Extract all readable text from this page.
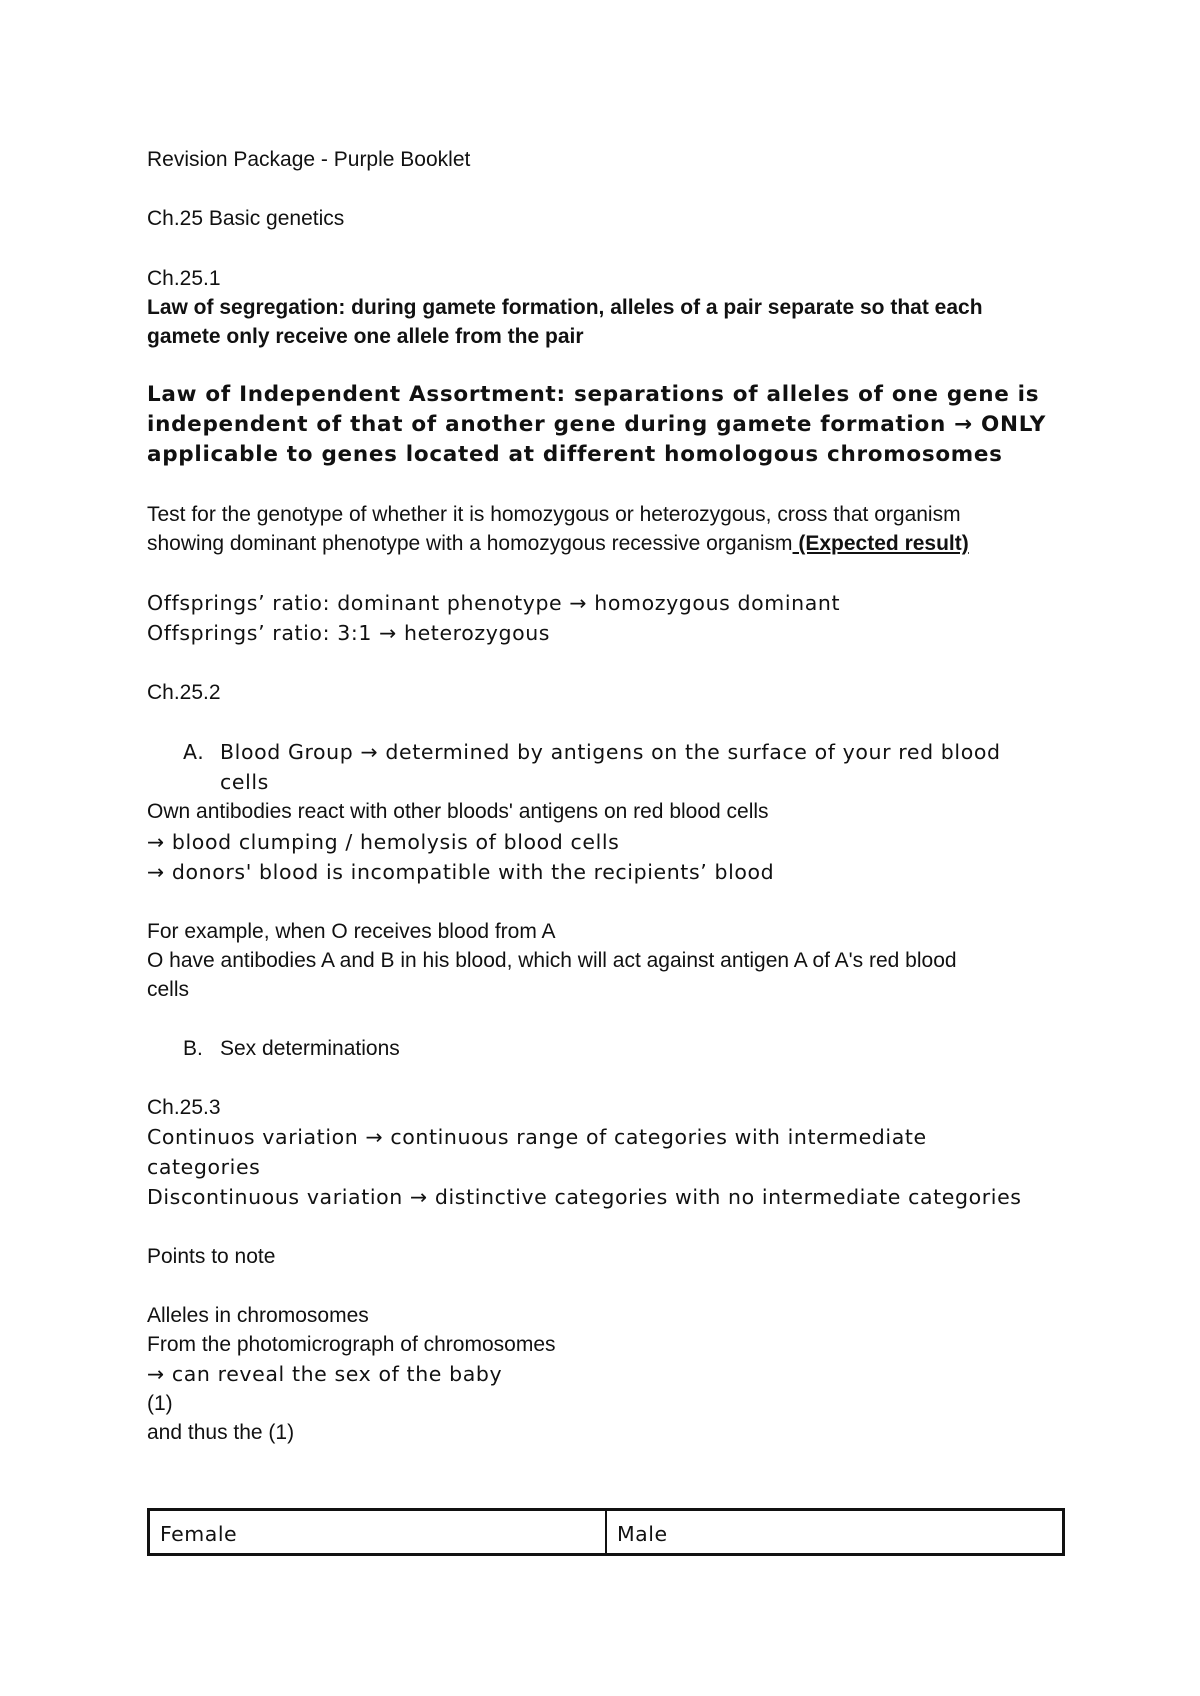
Revision Package - Purple Booklet
Ch.25 Basic genetics
Ch.25.1
Law of segregation: during gamete formation, alleles of a pair separate so that each
gamete only receive one allele from the pair
Law of Independent Assortment: separations of alleles of one gene is
independent of that of another gene during gamete formation → ONLY
applicable to genes located at different homologous chromosomes
Test for the genotype of whether it is homozygous or heterozygous, cross that organism
showing dominant phenotype with a homozygous recessive organism (Expected result)
Offsprings’ ratio: dominant phenotype → homozygous dominant
Offsprings’ ratio: 3:1 → heterozygous
Ch.25.2
A. Blood Group → determined by antigens on the surface of your red blood
cells
Own antibodies react with other bloods' antigens on red blood cells
→ blood clumping / hemolysis of blood cells
→ donors' blood is incompatible with the recipients’ blood
For example, when O receives blood from A
O have antibodies A and B in his blood, which will act against antigen A of A's red blood
cells
B. Sex determinations
Ch.25.3
Continuos variation → continuous range of categories with intermediate
categories
Discontinuous variation → distinctive categories with no intermediate categories
Points to note
Alleles in chromosomes
From the photomicrograph of chromosomes
→ can reveal the sex of the baby
(1)
and thus the (1)
Female	Male
